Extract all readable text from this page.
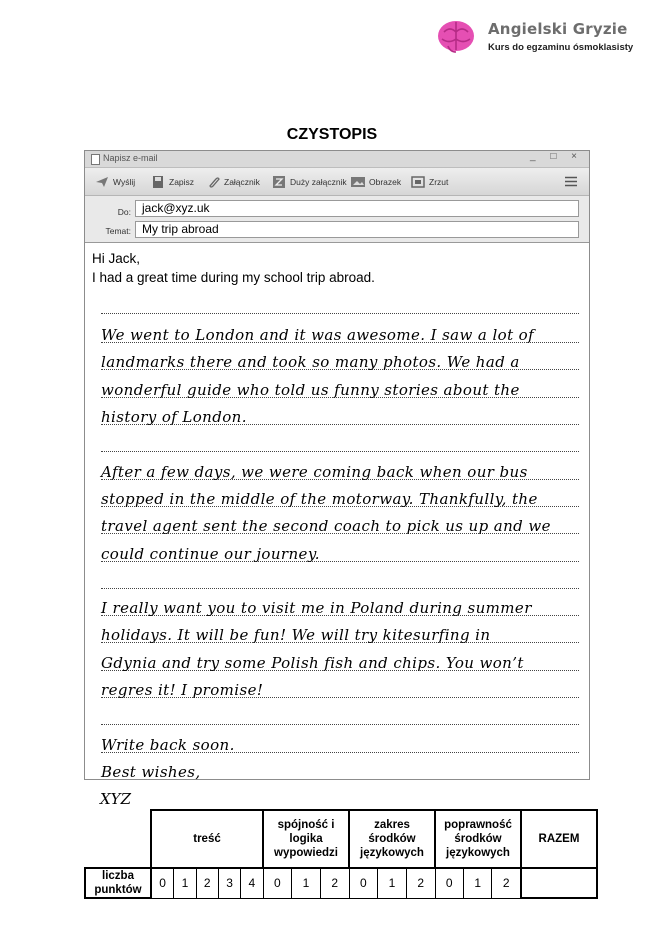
Angielski Gryzie
Kurs do egzaminu ósmoklasisty
CZYSTOPIS
Napisz e-mail	_ □ ×
Wyślij	Zapisz	Załącznik	Duży załącznik	Obrazek	Zrzut
Do: jack@xyz.uk
Temat: My trip abroad
Hi Jack,
I had a great time during my school trip abroad.
We went to London and it was awesome. I saw a lot of
landmarks there and took so many photos. We had a
wonderful guide who told us funny stories about the
history of London.
After a few days, we were coming back when our bus
stopped in the middle of the motorway. Thankfully, the
travel agent sent the second coach to pick us up and we
could continue our journey.
I really want you to visit me in Poland during summer
holidays. It will be fun! We will try kitesurfing in
Gdynia and try some Polish fish and chips. You won’t
regres it! I promise!
Write back soon.
Best wishes,
XYZ
	treść					spójność i logika wypowiedzi			zakres środków językowych			poprawność środków językowych			RAZEM
liczba punktów	0	1	2	3	4	0	1	2	0	1	2	0	1	2	
